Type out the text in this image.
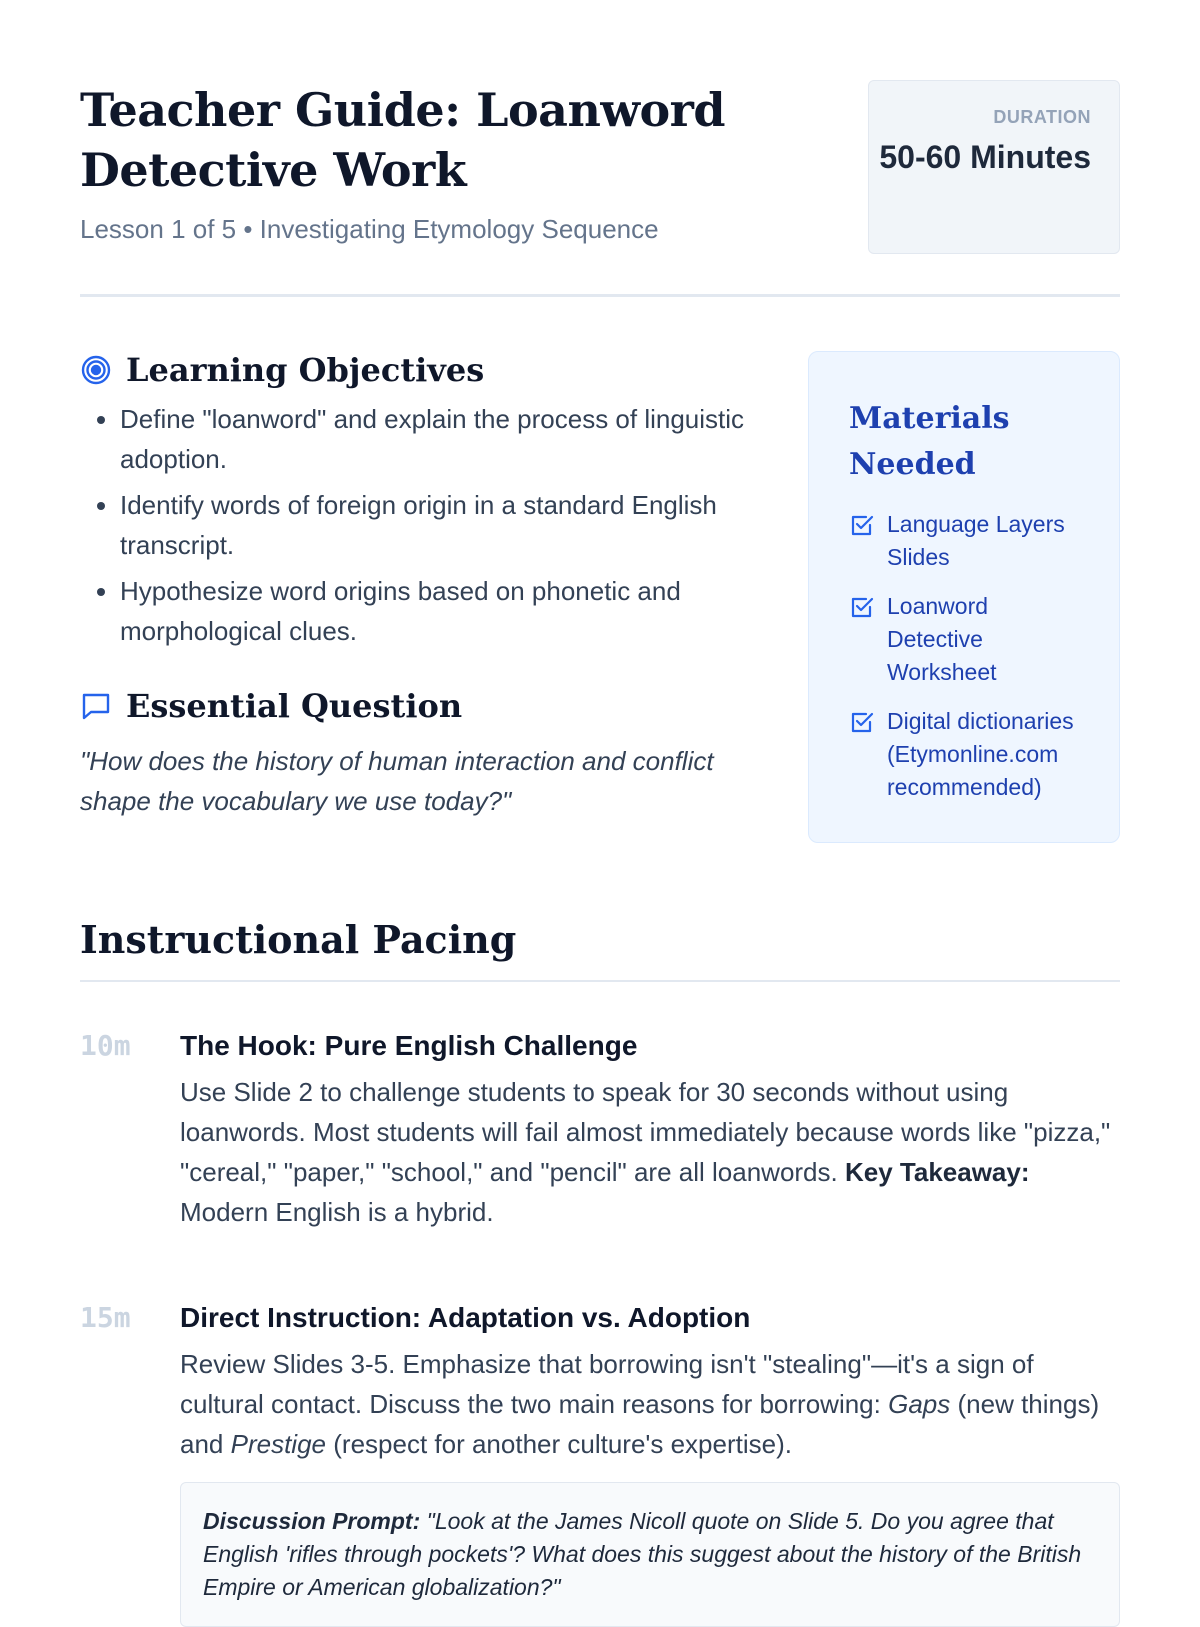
Teacher Guide: Loanword Detective Work
Lesson 1 of 5 • Investigating Etymology Sequence
DURATION
50-60 Minutes
Learning Objectives
• Define "loanword" and explain the process of linguistic adoption.
• Identify words of foreign origin in a standard English transcript.
• Hypothesize word origins based on phonetic and morphological clues.
Essential Question
"How does the history of human interaction and conflict shape the vocabulary we use today?"
Materials Needed
Language Layers Slides
Loanword Detective Worksheet
Digital dictionaries (Etymonline.com recommended)
Instructional Pacing
10m	The Hook: Pure English Challenge
Use Slide 2 to challenge students to speak for 30 seconds without using loanwords. Most students will fail almost immediately because words like "pizza," "cereal," "paper," "school," and "pencil" are all loanwords. Key Takeaway: Modern English is a hybrid.
15m	Direct Instruction: Adaptation vs. Adoption
Review Slides 3-5. Emphasize that borrowing isn't "stealing"—it's a sign of cultural contact. Discuss the two main reasons for borrowing: Gaps (new things) and Prestige (respect for another culture's expertise).
Discussion Prompt: "Look at the James Nicoll quote on Slide 5. Do you agree that English 'rifles through pockets'? What does this suggest about the history of the British Empire or American globalization?"
